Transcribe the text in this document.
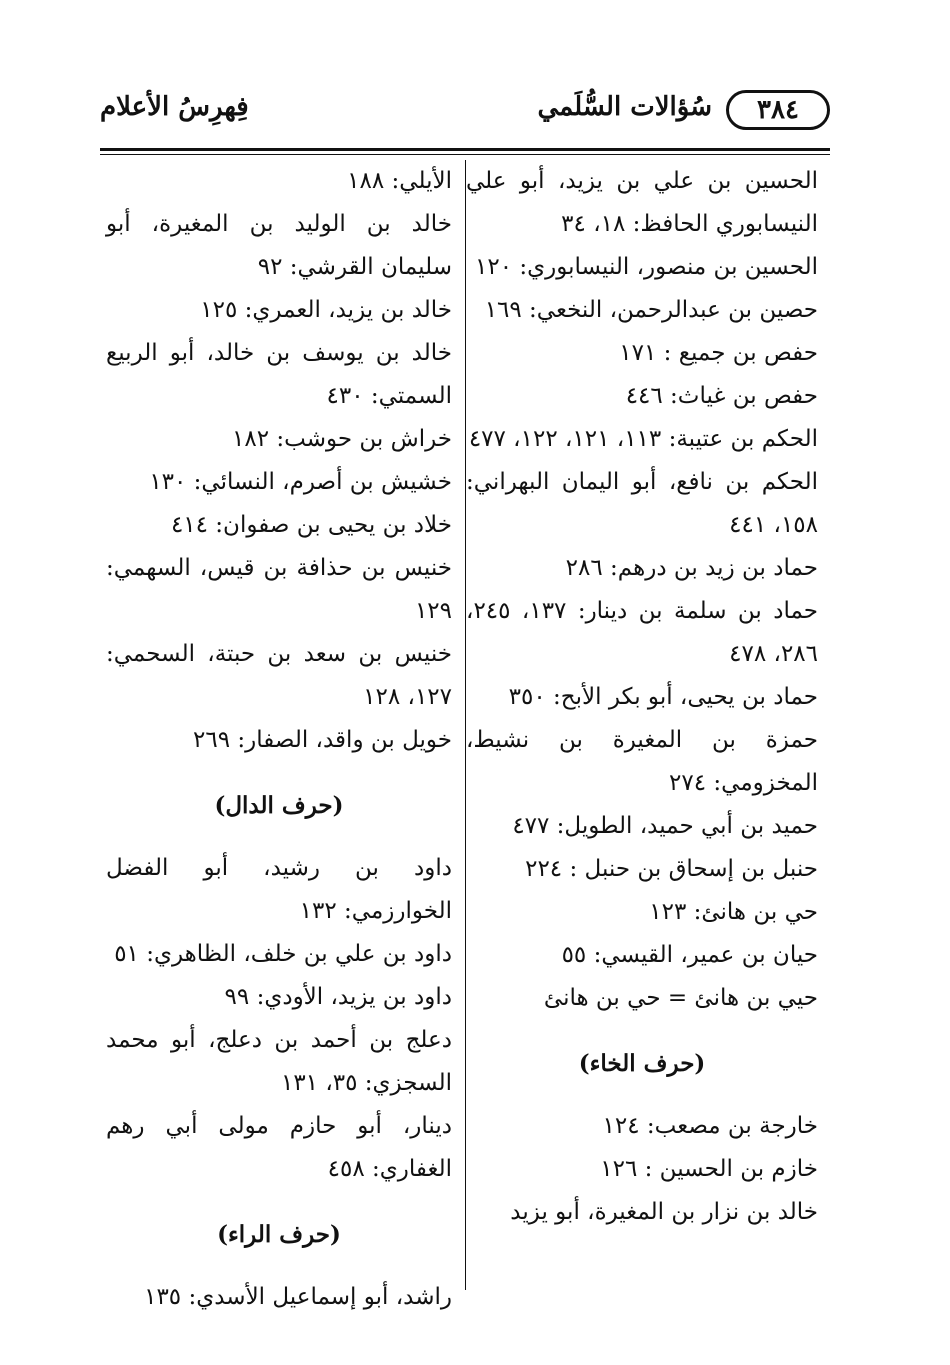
٣٨٤
سُؤالات السُّلَمي
فِهرِسُ الأعلام
الحسين بن علي بن يزيد، أبو علي النيسابوري الحافظ: ١٨، ٣٤
الحسين بن منصور، النيسابوري: ١٢٠
حصين بن عبدالرحمن، النخعي: ١٦٩
حفص بن جميع : ١٧١
حفص بن غياث: ٤٤٦
الحكم بن عتيبة: ١١٣، ١٢١، ١٢٢، ٤٧٧
الحكم بن نافع، أبو اليمان البهراني: ١٥٨، ٤٤١
حماد بن زيد بن درهم: ٢٨٦
حماد بن سلمة بن دينار: ١٣٧، ٢٤٥، ٢٨٦، ٤٧٨
حماد بن يحيى، أبو بكر الأبح: ٣٥٠
حمزة بن المغيرة بن نشيط، المخزومي: ٢٧٤
حميد بن أبي حميد، الطويل: ٤٧٧
حنبل بن إسحاق بن حنبل : ٢٢٤
حي بن هانئ: ١٢٣
حيان بن عمير، القيسي: ٥٥
حيي بن هانئ = حي بن هانئ
(حرف الخاء)
خارجة بن مصعب: ١٢٤
خازم بن الحسين : ١٢٦
خالد بن نزار بن المغيرة، أبو يزيد
الأيلي: ١٨٨
خالد بن الوليد بن المغيرة، أبو سليمان القرشي: ٩٢
خالد بن يزيد، العمري: ١٢٥
خالد بن يوسف بن خالد، أبو الربيع السمتي: ٤٣٠
خراش بن حوشب: ١٨٢
خشيش بن أصرم، النسائي: ١٣٠
خلاد بن يحيى بن صفوان: ٤١٤
خنيس بن حذافة بن قيس، السهمي: ١٢٩
خنيس بن سعد بن حبتة، السحمي: ١٢٧، ١٢٨
خويل بن واقد، الصفار: ٢٦٩
(حرف الدال)
داود بن رشيد، أبو الفضل الخوارزمي: ١٣٢
داود بن علي بن خلف، الظاهري: ٥١
داود بن يزيد، الأودي: ٩٩
دعلج بن أحمد بن دعلج، أبو محمد السجزي: ٣٥، ١٣١
دينار، أبو حازم مولى أبي رهم الغفاري: ٤٥٨
(حرف الراء)
راشد، أبو إسماعيل الأسدي: ١٣٥
